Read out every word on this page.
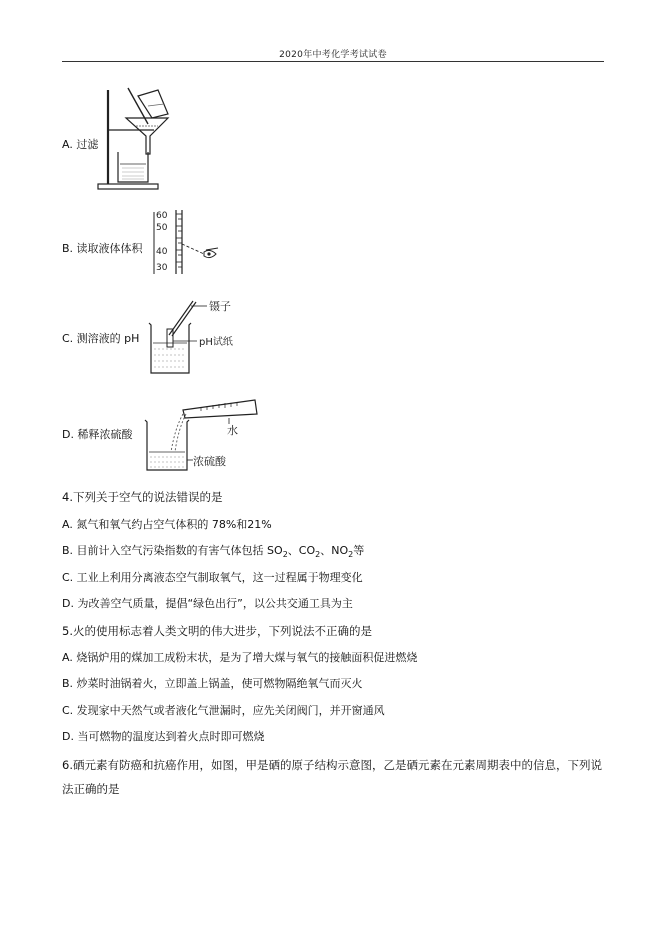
2020年中考化学考试试卷
A. 过滤
B. 读取液体体积
60
50
40
30
C. 测溶液的 pH
镊子
pH试纸
D. 稀释浓硫酸	水
浓硫酸
4.下列关于空气的说法错误的是
A. 氮气和氧气约占空气体积的 78%和21%
B. 目前计入空气污染指数的有害气体包括 $SO_2$、$CO_2$、$NO_2$等
C. 工业上利用分离液态空气制取氧气，这一过程属于物理变化
D. 为改善空气质量，提倡“绿色出行”，以公共交通工具为主
5.火的使用标志着人类文明的伟大进步，下列说法不正确的是
A. 烧锅炉用的煤加工成粉末状，是为了增大煤与氧气的接触面积促进燃烧
B. 炒菜时油锅着火，立即盖上锅盖，使可燃物隔绝氧气而灭火
C. 发现家中天然气或者液化气泄漏时，应先关闭阀门，并开窗通风
D. 当可燃物的温度达到着火点时即可燃烧
6.硒元素有防癌和抗癌作用，如图，甲是硒的原子结构示意图，乙是硒元素在元素周期表中的信息，下列说
法正确的是
